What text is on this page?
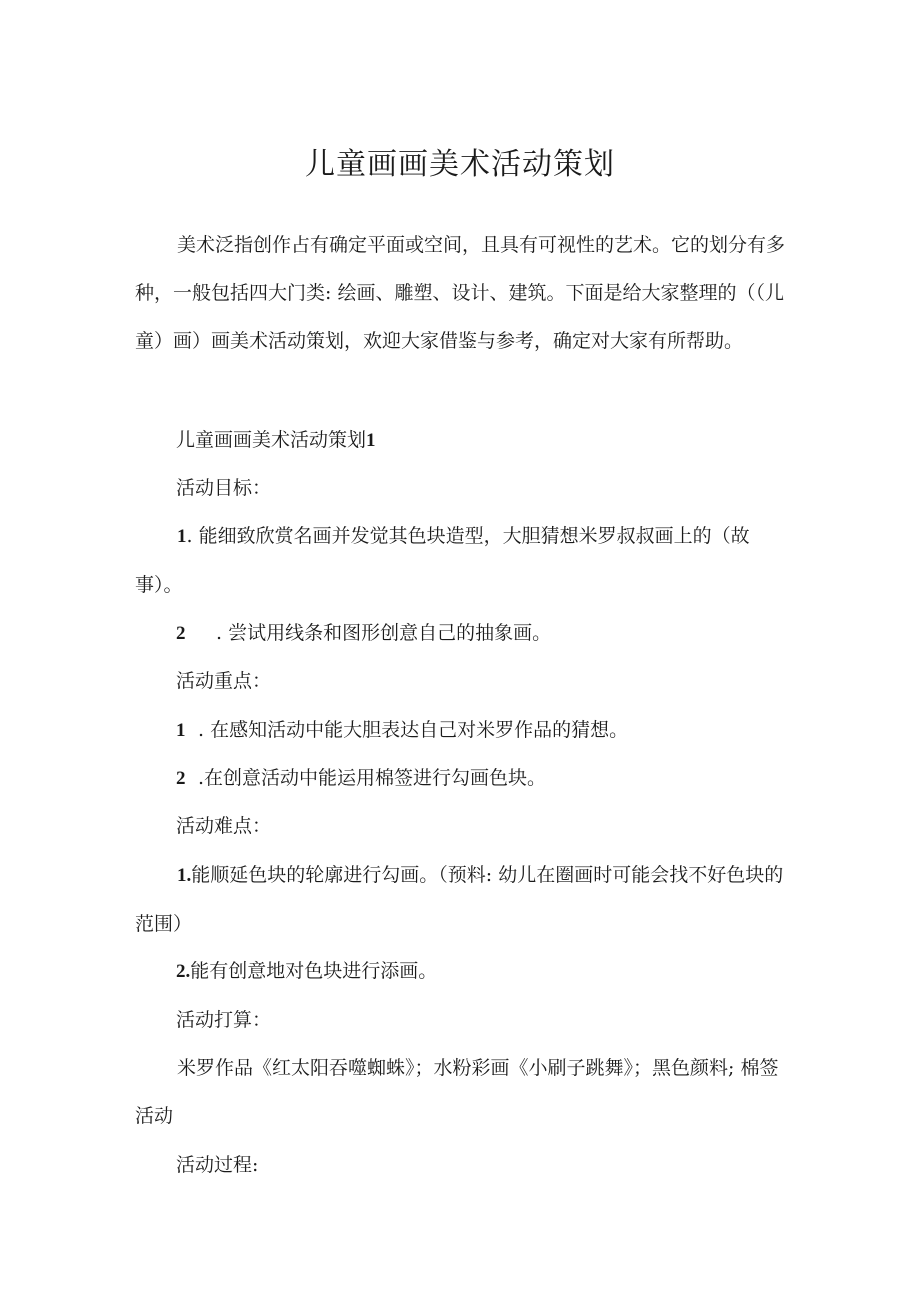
儿童画画美术活动策划

美术泛指创作占有确定平面或空间，且具有可视性的艺术。它的划分有多种，一般包括四大门类: 绘画、雕塑、设计、建筑。下面是给大家整理的（（儿童）画）画美术活动策划，欢迎大家借鉴与参考，确定对大家有所帮助。

儿童画画美术活动策划1
活动目标：

1. 能细致欣赏名画并发觉其色块造型，大胆猜想米罗叔叔画上的（故事）。

2 . 尝试用线条和图形创意自己的抽象画。
活动重点：
1 . 在感知活动中能大胆表达自己对米罗作品的猜想。
2 .在创意活动中能运用棉签进行勾画色块。
活动难点：

1.能顺延色块的轮廓进行勾画。（预料: 幼儿在圈画时可能会找不好色块的范围）

2.能有创意地对色块进行添画。
活动打算：

米罗作品《红太阳吞噬蜘蛛》；水粉彩画《小刷子跳舞》；黑色颜料; 棉签活动

活动过程:
